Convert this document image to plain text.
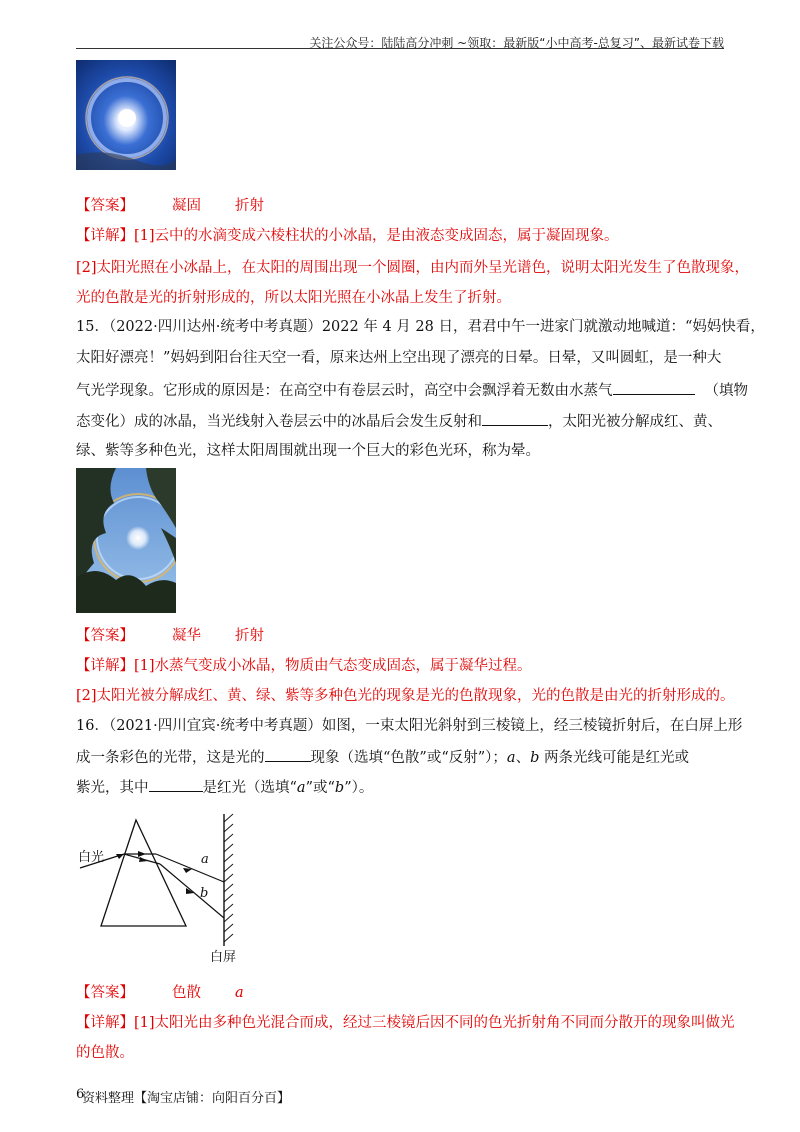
关注公众号：陆陆高分冲刺 ~领取：最新版“小中高考-总复习”、最新试卷下载
【答案】	凝固 折射
【详解】[1]云中的水滴变成六棱柱状的小冰晶，是由液态变成固态，属于凝固现象。
[2]太阳光照在小冰晶上，在太阳的周围出现一个圆圈，由内而外呈光谱色，说明太阳光发生了色散现象，
光的色散是光的折射形成的，所以太阳光照在小冰晶上发生了折射。
15．（2022·四川达州·统考中考真题）2022 年 4 月 28 日，君君中午一进家门就激动地喊道：“妈妈快看，
太阳好漂亮！”妈妈到阳台往天空一看，原来达州上空出现了漂亮的日晕。日晕，又叫圆虹，是一种大
气光学现象。它形成的原因是：在高空中有卷层云时，高空中会飘浮着无数由水蒸气	（填物
态变化）成的冰晶，当光线射入卷层云中的冰晶后会发生反射和	，太阳光被分解成红、黄、
绿、紫等多种色光，这样太阳周围就出现一个巨大的彩色光环，称为晕。
【答案】	凝华 折射
【详解】[1]水蒸气变成小冰晶，物质由气态变成固态，属于凝华过程。
[2]太阳光被分解成红、黄、绿、紫等多种色光的现象是光的色散现象，光的色散是由光的折射形成的。
16．（2021·四川宜宾·统考中考真题）如图，一束太阳光斜射到三棱镜上，经三棱镜折射后，在白屏上形
成一条彩色的光带，这是光的	现象（选填“色散”或“反射”）；a、b 两条光线可能是红光或
紫光，其中	是红光（选填“a”或“b”）。
白光	a
b
白屏
【答案】	色散 a
【详解】[1]太阳光由多种色光混合而成，经过三棱镜后因不同的色光折射角不同而分散开的现象叫做光
的色散。
6
资料整理【淘宝店铺：向阳百分百】
